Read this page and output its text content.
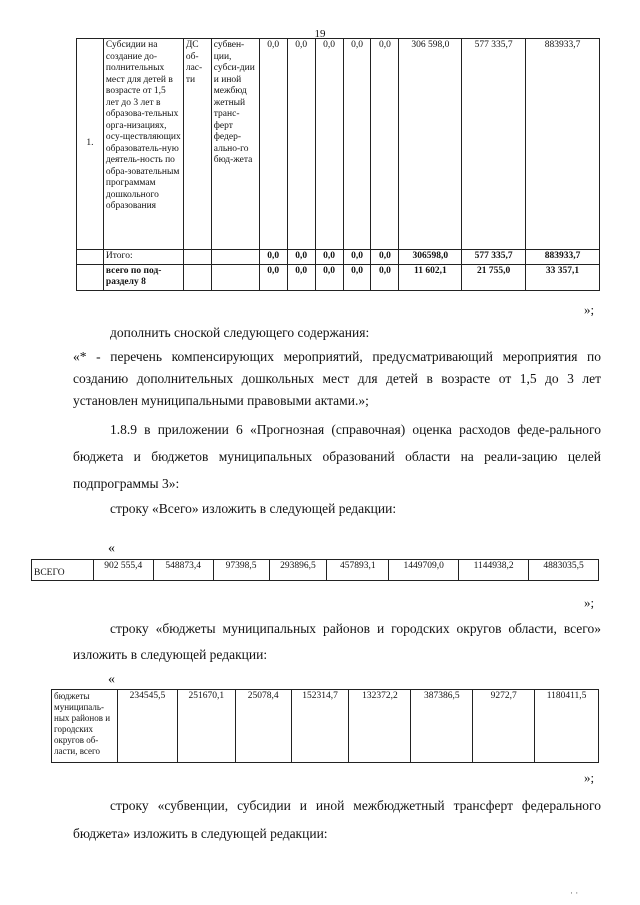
19
1.	Субсидии на создание до-полнительных мест для детей в возрасте от 1,5 лет до 3 лет в образова-тельных орга-низациях, осу-ществляющих образователь-ную деятель-ность по обра-зовательным программам дошкольного образования	ДС об-лас-ти	субвен-ции, субси-дии и иной межбюд жетный транс-ферт федер-ально-го бюд-жета	0,0	0,0	0,0	0,0	0,0	306 598,0	577 335,7	883933,7
	Итого:			0,0	0,0	0,0	0,0	0,0	306598,0	577 335,7	883933,7
	всего по под-разделу 8			0,0	0,0	0,0	0,0	0,0	11 602,1	21 755,0	33 357,1
»;
дополнить сноской следующего содержания:
«* - перечень компенсирующих мероприятий, предусматривающий мероприятия по созданию дополнительных дошкольных мест для детей в возрасте от 1,5 до 3 лет установлен муниципальными правовыми актами.»;
1.8.9 в приложении 6 «Прогнозная (справочная) оценка расходов феде-рального бюджета и бюджетов муниципальных образований области на реали-зацию целей подпрограммы 3»:
строку «Всего» изложить в следующей редакции:
«
ВСЕГО	902 555,4	548873,4	97398,5	293896,5	457893,1	1449709,0	1144938,2	4883035,5
»;
строку «бюджеты муниципальных районов и городских округов области, всего» изложить в следующей редакции:
«
бюджеты муниципаль-ных районов и городских округов об-ласти, всего	234545,5	251670,1	25078,4	152314,7	132372,2	387386,5	9272,7	1180411,5
»;
строку «субвенции, субсидии и иной межбюджетный трансферт федерального бюджета» изложить в следующей редакции:
· ·
